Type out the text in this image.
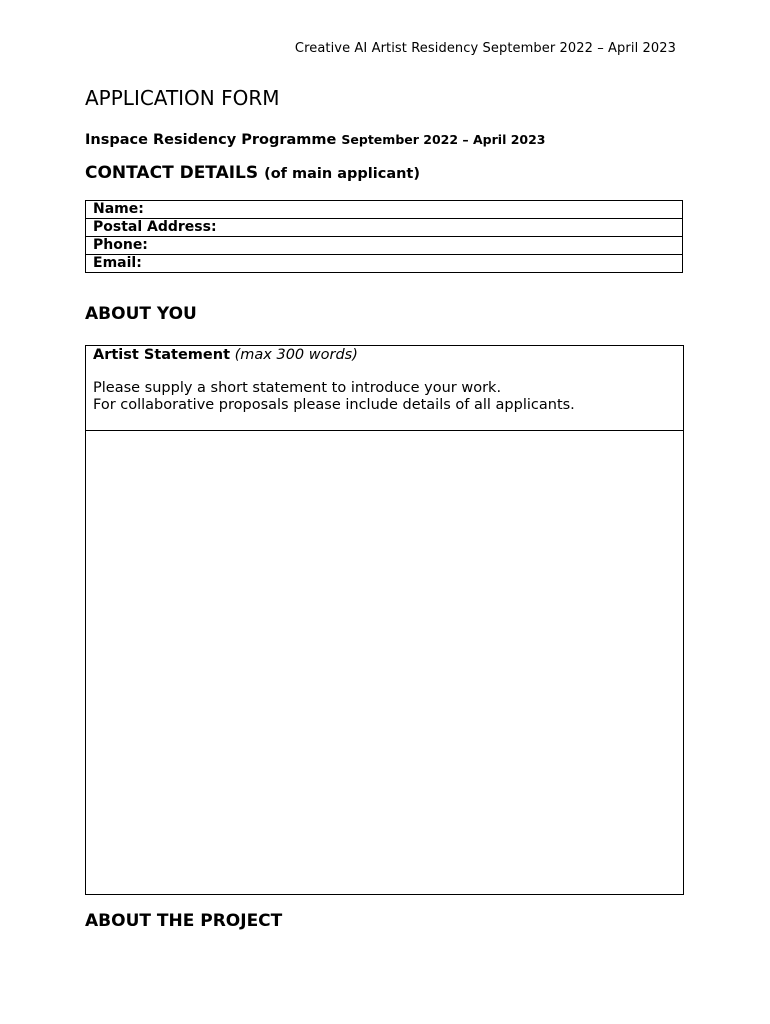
Creative AI Artist Residency September 2022 – April 2023
APPLICATION FORM
Inspace Residency Programme September 2022 – April 2023
CONTACT DETAILS (of main applicant)
Name:
Postal Address:
Phone:
Email:
ABOUT YOU
Artist Statement (max 300 words)
Please supply a short statement to introduce your work.
For collaborative proposals please include details of all applicants.
ABOUT THE PROJECT
